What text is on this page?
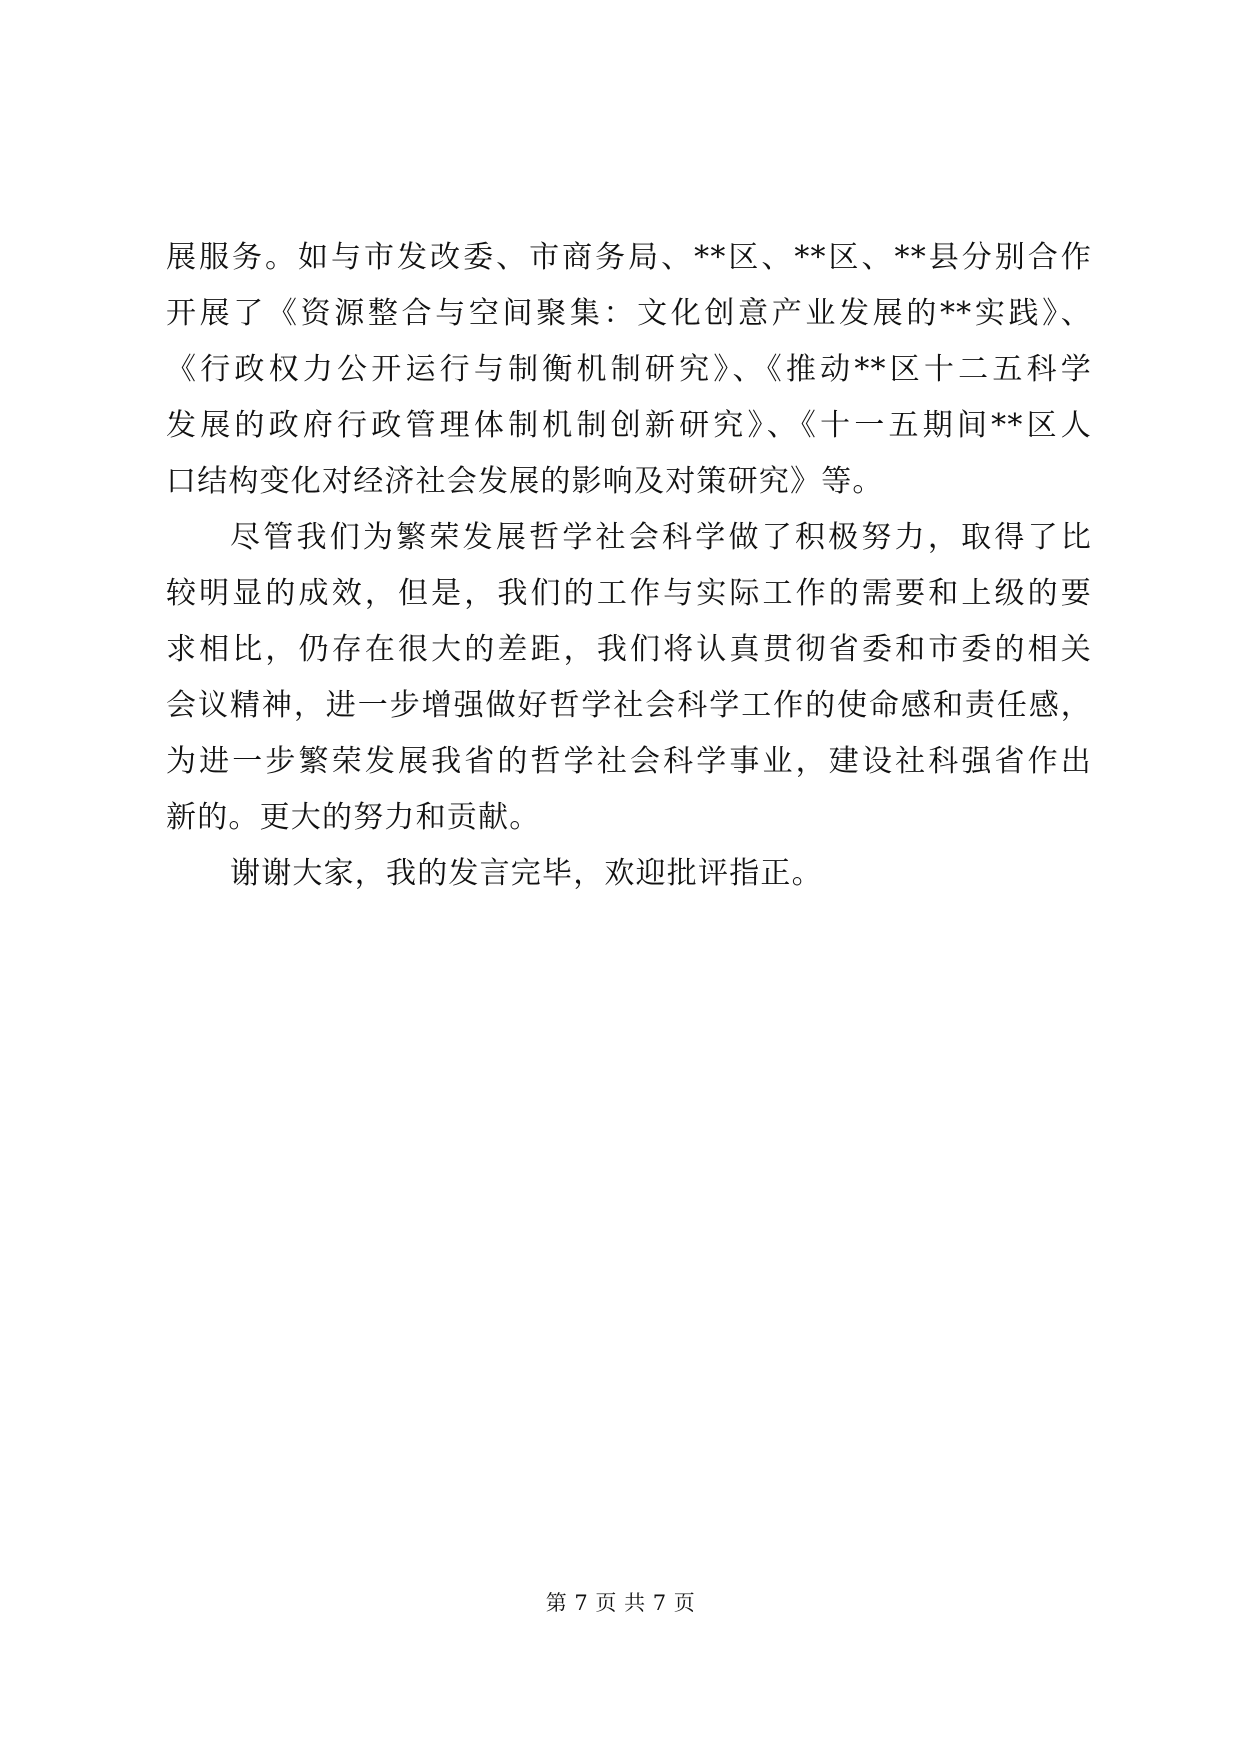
展服务。如与市发改委、市商务局、**区、**区、**县分别合作
开展了《资源整合与空间聚集：文化创意产业发展的**实践》、
《行政权力公开运行与制衡机制研究》、《推动**区十二五科学
发展的政府行政管理体制机制创新研究》、《十一五期间**区人
口结构变化对经济社会发展的影响及对策研究》等。
尽管我们为繁荣发展哲学社会科学做了积极努力，取得了比
较明显的成效，但是，我们的工作与实际工作的需要和上级的要
求相比，仍存在很大的差距，我们将认真贯彻省委和市委的相关
会议精神，进一步增强做好哲学社会科学工作的使命感和责任感，
为进一步繁荣发展我省的哲学社会科学事业，建设社科强省作出
新的。更大的努力和贡献。
谢谢大家，我的发言完毕，欢迎批评指正。
第 7 页 共 7 页
